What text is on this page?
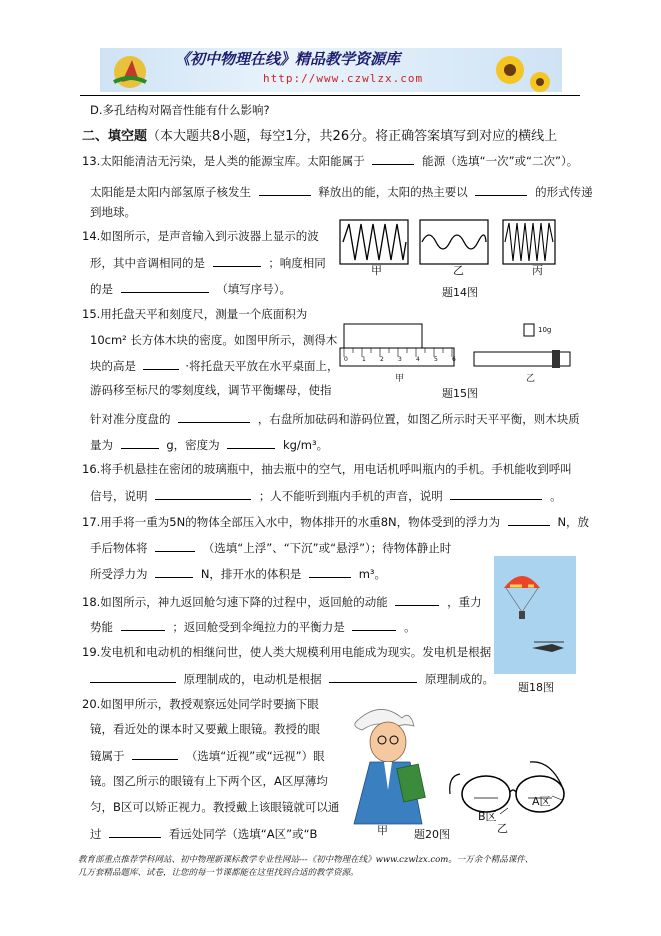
《初中物理在线》精品教学资源库
http://www.czwlzx.com
D.多孔结构对隔音性能有什么影响?
二、填空题（本大题共8小题，每空1分，共26分。将正确答案填写到对应的横线上
13.太阳能清洁无污染，是人类的能源宝库。太阳能属于	能源（选填“一次”或“二次”）。
太阳能是太阳内部氢原子核发生	释放出的能，太阳的热主要以	的形式传递
到地球。
14.如图所示，是声音输入到示波器上显示的波
形，其中音调相同的是	；响度相同
的是	（填写序号）。
甲	乙	丙
题14图
15.用托盘天平和刻度尺，测量一个底面积为
10cm² 长方体木块的密度。如图甲所示，测得木
块的高是	·将托盘天平放在水平桌面上，
游码移至标尺的零刻度线，调节平衡螺母，使指
针对准分度盘的	，右盘所加砝码和游码位置，如图乙所示时天平平衡，则木块质
量为	g，密度为	kg/m³。
0 1 2 3 4 5 6
10g
甲	乙
题15图
16.将手机悬挂在密闭的玻璃瓶中，抽去瓶中的空气，用电话机呼叫瓶内的手机。手机能收到呼叫
信号，说明	；人不能听到瓶内手机的声音，说明	。
17.用手将一重为5N的物体全部压入水中，物体排开的水重8N，物体受到的浮力为	N，放
手后物体将	（选填“上浮”、“下沉”或“悬浮”）；待物体静止时
所受浮力为	N，排开水的体积是	m³。
题18图
18.如图所示，神九返回舱匀速下降的过程中，返回舱的动能	，重力
势能	；返回舱受到伞绳拉力的平衡力是	。
19.发电机和电动机的相继问世，使人类大规模利用电能成为现实。发电机是根据
原理制成的，电动机是根据	原理制成的。
20.如图甲所示，教授观察远处同学时要摘下眼
镜，看近处的课本时又要戴上眼镜。教授的眼
镜属于	（选填“近视”或“远视”）眼
镜。图乙所示的眼镜有上下两个区，A区厚薄均
匀，B区可以矫正视力。教授戴上该眼镜就可以通
过	看远处同学（选填“A区”或“B
A区
B区
甲 题20图	乙
教育部重点推荐学科网站、初中物理新课标教学专业性网站---《初中物理在线》www.czwlzx.com。一万余个精品课件、
几万套精品题库、试卷，让您的每一节课都能在这里找到合适的教学资源。
